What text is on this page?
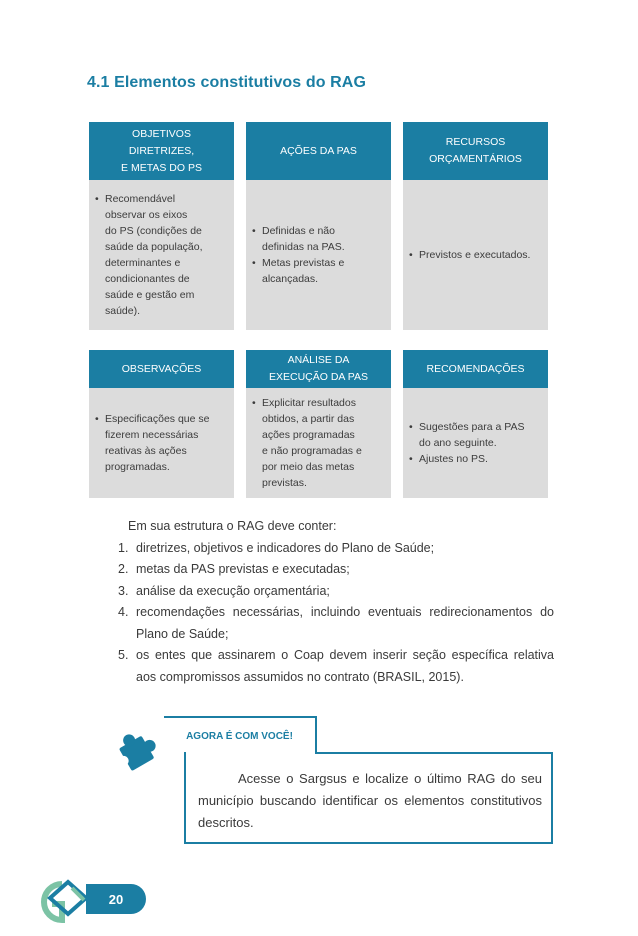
4.1 Elementos constitutivos do RAG
OBJETIVOS
DIRETRIZES,
E METAS DO PS
• Recomendável
observar os eixos
do PS (condições de
saúde da população,
determinantes e
condicionantes de
saúde e gestão em
saúde).
AÇÕES DA PAS
• Definidas e não
definidas na PAS.
• Metas previstas e
alcançadas.
RECURSOS
ORÇAMENTÁRIOS
• Previstos e executados.
OBSERVAÇÕES
• Especificações que se
fizerem necessárias
reativas às ações
programadas.
ANÁLISE DA
EXECUÇÃO DA PAS
• Explicitar resultados
obtidos, a partir das
ações programadas
e não programadas e
por meio das metas
previstas.
RECOMENDAÇÕES
• Sugestões para a PAS
do ano seguinte.
• Ajustes no PS.
Em sua estrutura o RAG deve conter:
1. diretrizes, objetivos e indicadores do Plano de Saúde;
2. metas da PAS previstas e executadas;
3. análise da execução orçamentária;
4. recomendações necessárias, incluindo eventuais redirecionamentos do Plano de Saúde;
5. os entes que assinarem o Coap devem inserir seção específica relativa aos compromissos assumidos no contrato (BRASIL, 2015).
AGORA É COM VOCÊ!
Acesse o Sargsus e localize o último RAG do seu município buscando identificar os elementos constitutivos descritos.
20
